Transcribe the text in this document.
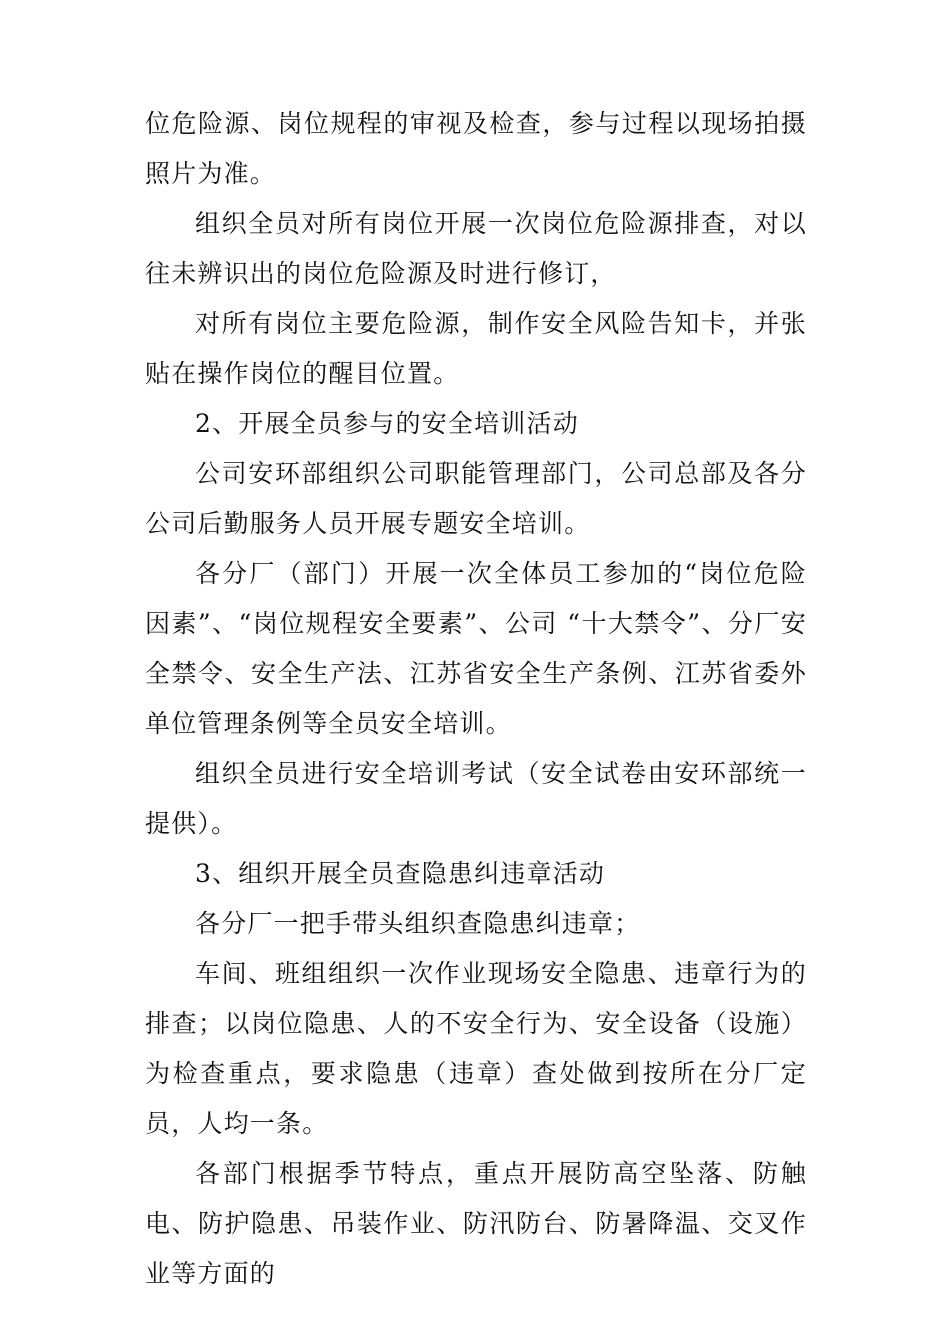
位危险源、岗位规程的审视及检查，参与过程以现场拍摄照片为准。

组织全员对所有岗位开展一次岗位危险源排查，对以往未辨识出的岗位危险源及时进行修订，

对所有岗位主要危险源，制作安全风险告知卡，并张贴在操作岗位的醒目位置。

2、开展全员参与的安全培训活动

公司安环部组织公司职能管理部门，公司总部及各分公司后勤服务人员开展专题安全培训。

各分厂（部门）开展一次全体员工参加的“岗位危险因素”、“岗位规程安全要素”、公司 “十大禁令”、分厂安全禁令、安全生产法、江苏省安全生产条例、江苏省委外单位管理条例等全员安全培训。

组织全员进行安全培训考试（安全试卷由安环部统一提供）。

3、组织开展全员查隐患纠违章活动

各分厂一把手带头组织查隐患纠违章；

车间、班组组织一次作业现场安全隐患、违章行为的排查；以岗位隐患、人的不安全行为、安全设备（设施）为检查重点，要求隐患（违章）查处做到按所在分厂定员，人均一条。

各部门根据季节特点，重点开展防高空坠落、防触电、防护隐患、吊装作业、防汛防台、防暑降温、交叉作业等方面的
